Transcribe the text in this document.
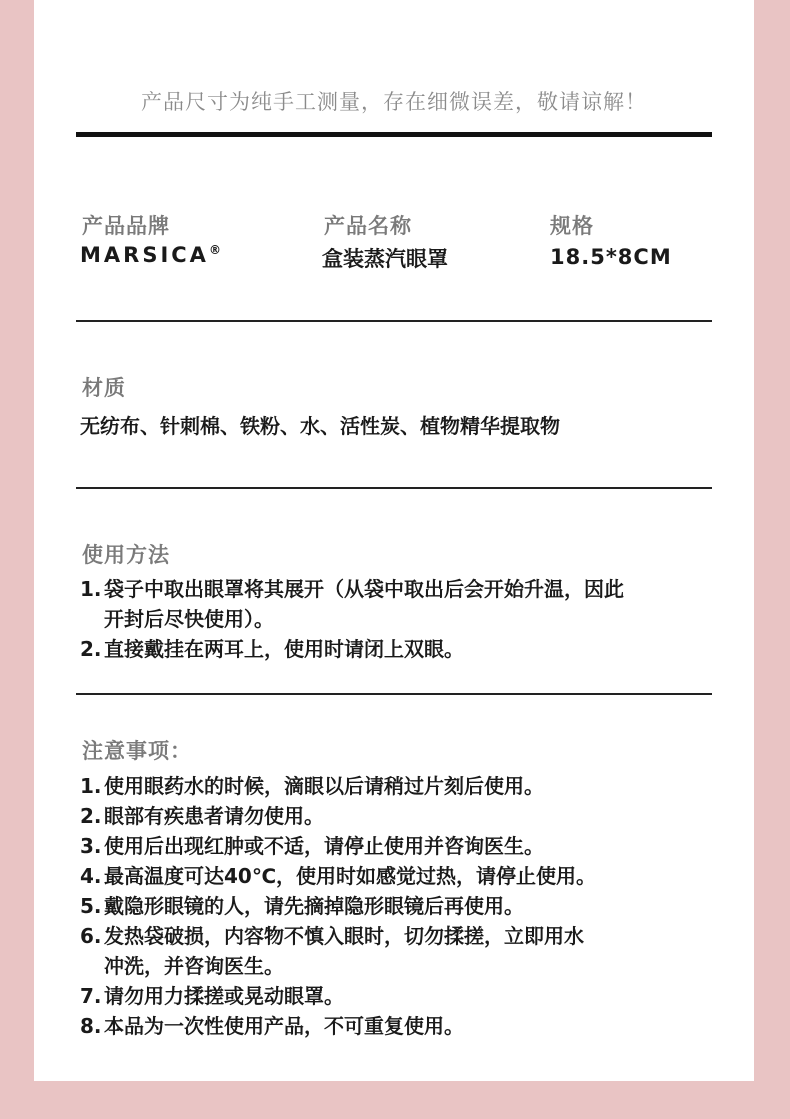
产品尺寸为纯手工测量，存在细微误差，敬请谅解！
产品品牌
MARSICA®
产品名称
盒装蒸汽眼罩
规格
18.5*8CM
材质
无纺布、针刺棉、铁粉、水、活性炭、植物精华提取物
使用方法
1. 袋子中取出眼罩将其展开（从袋中取出后会开始升温，因此
开封后尽快使用）。
2. 直接戴挂在两耳上，使用时请闭上双眼。
注意事项：
1. 使用眼药水的时候，滴眼以后请稍过片刻后使用。
2. 眼部有疾患者请勿使用。
3. 使用后出现红肿或不适，请停止使用并咨询医生。
4. 最高温度可达40℃，使用时如感觉过热，请停止使用。
5. 戴隐形眼镜的人，请先摘掉隐形眼镜后再使用。
6. 发热袋破损，内容物不慎入眼时，切勿揉搓，立即用水
冲洗，并咨询医生。
7. 请勿用力揉搓或晃动眼罩。
8. 本品为一次性使用产品，不可重复使用。
